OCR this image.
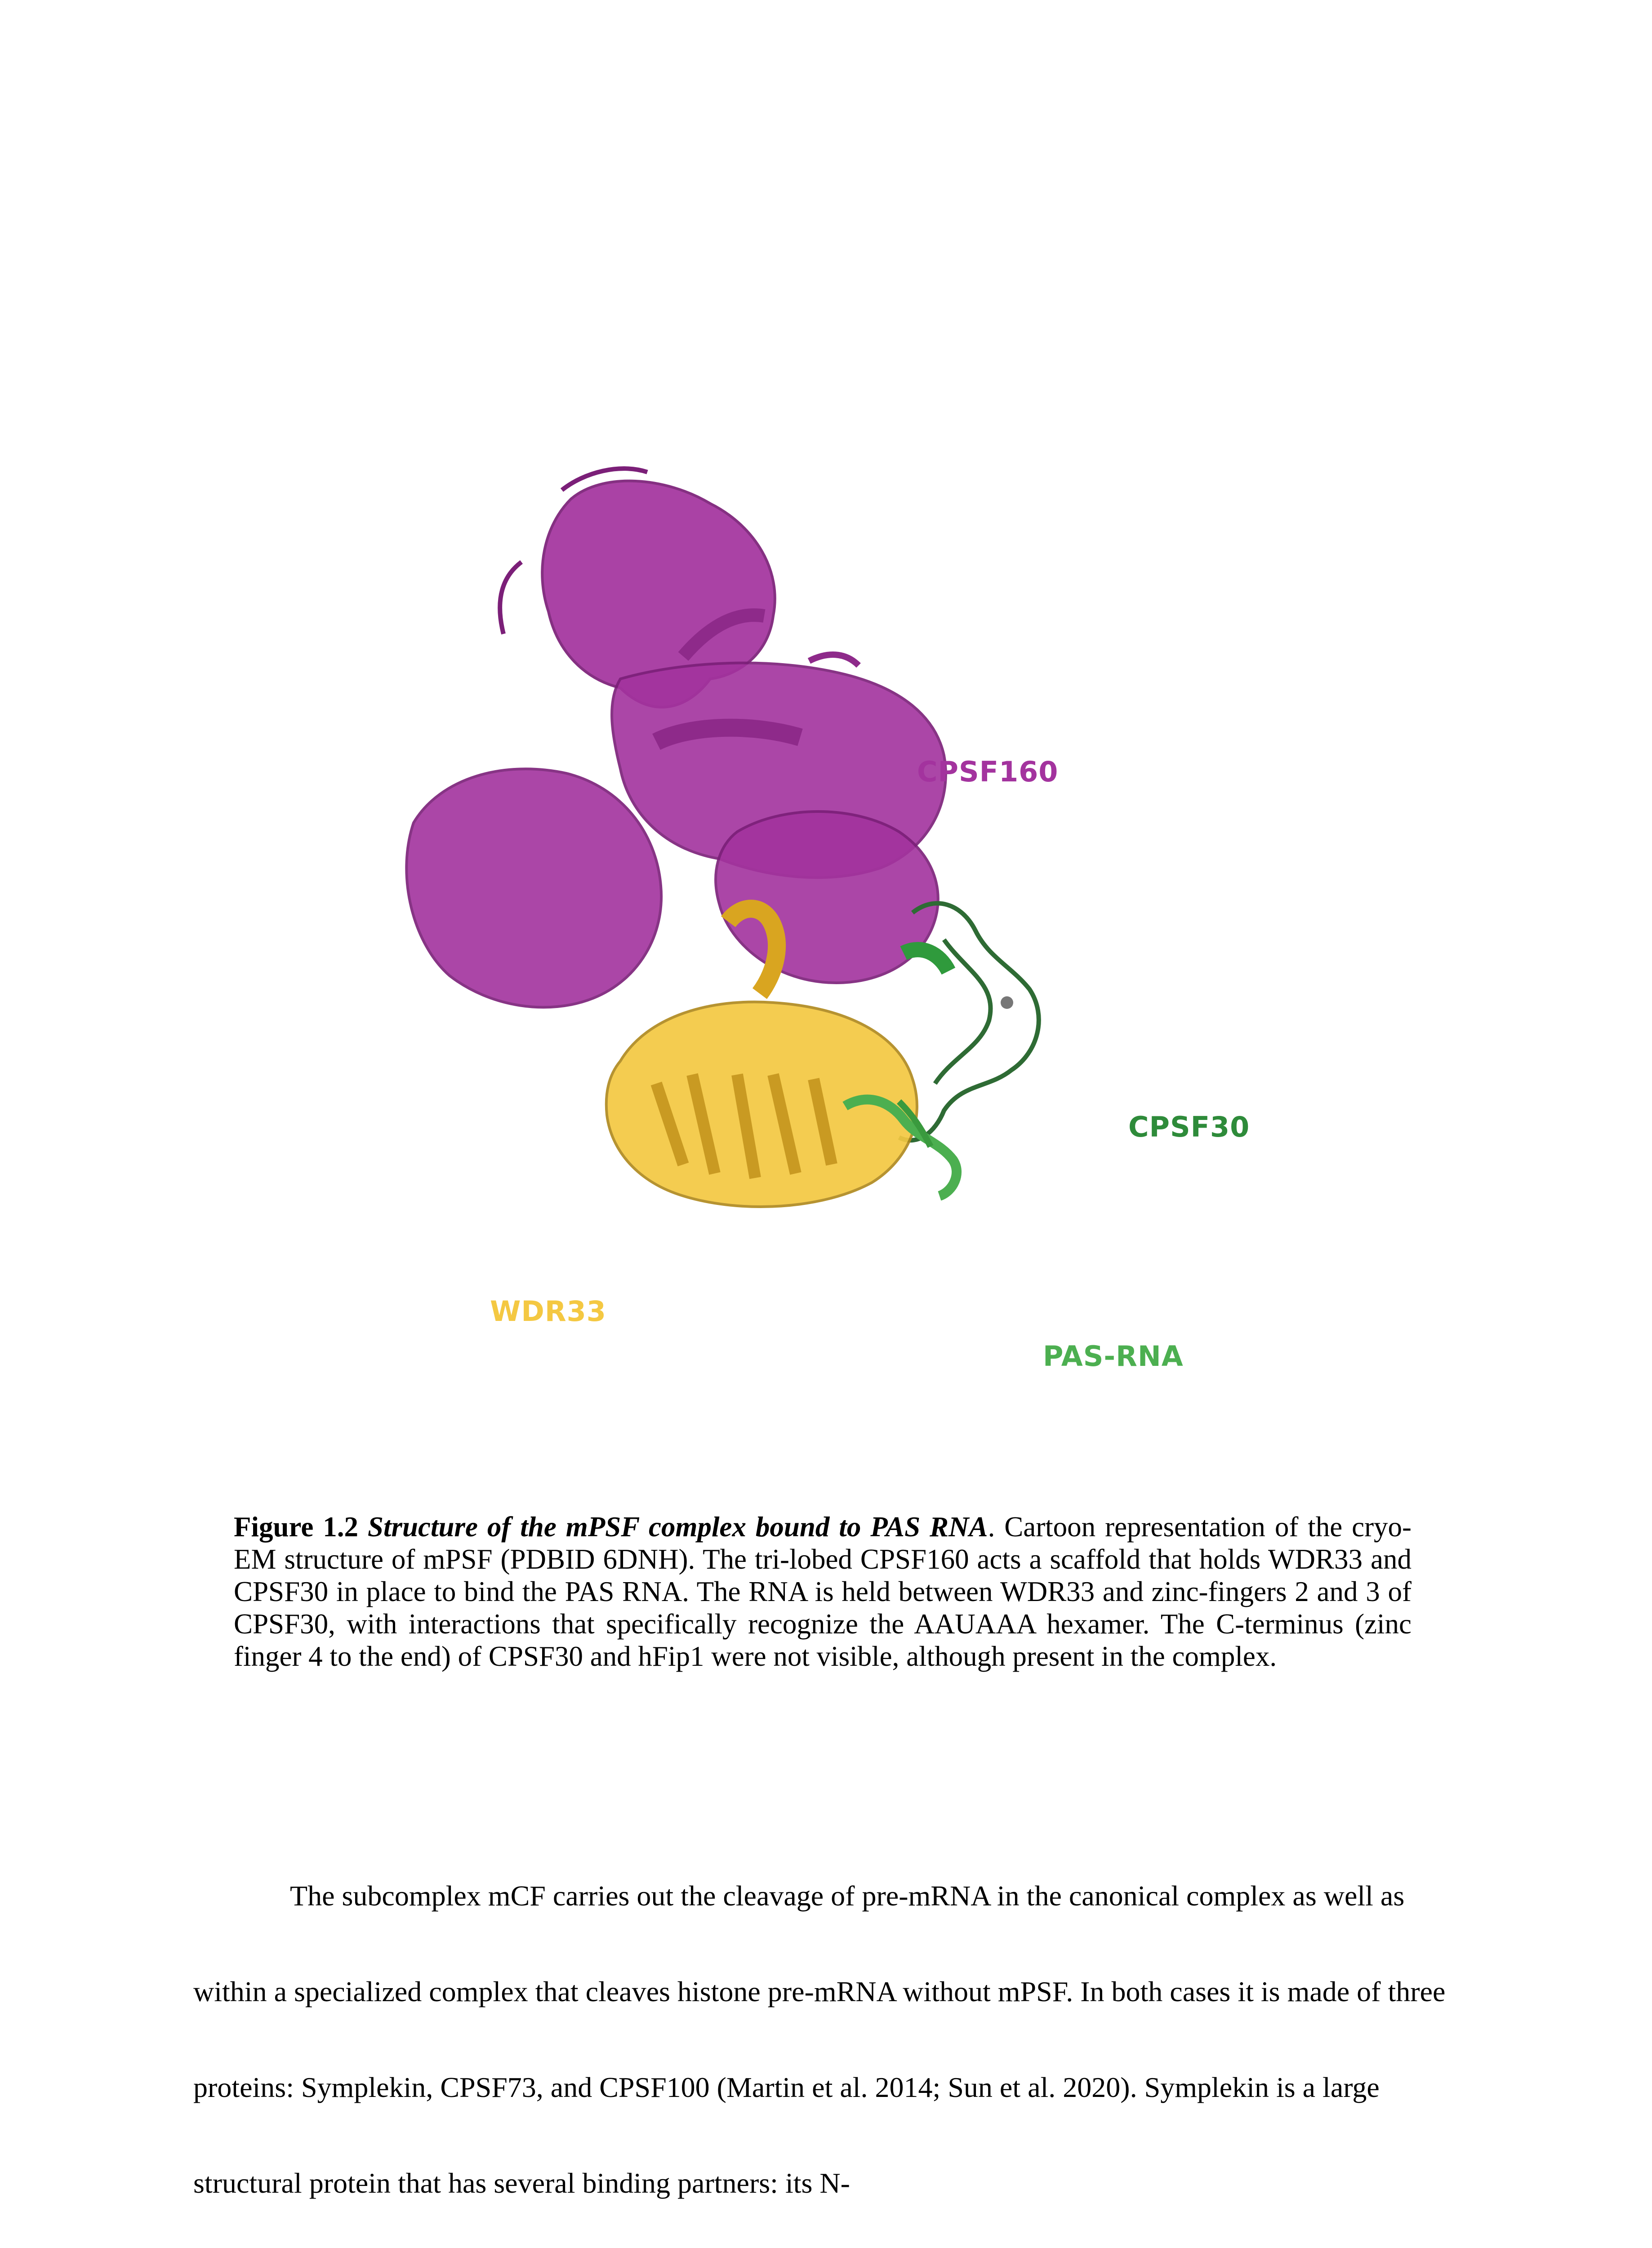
CPSF160
CPSF30
WDR33
PAS-RNA
Figure 1.2 Structure of the mPSF complex bound to PAS RNA. Cartoon representation of the cryo-EM structure of mPSF (PDBID 6DNH). The tri-lobed CPSF160 acts a scaffold that holds WDR33 and CPSF30 in place to bind the PAS RNA. The RNA is held between WDR33 and zinc-fingers 2 and 3 of CPSF30, with interactions that specifically recognize the AAUAAA hexamer. The C-terminus (zinc finger 4 to the end) of CPSF30 and hFip1 were not visible, although present in the complex.

The subcomplex mCF carries out the cleavage of pre-mRNA in the canonical complex as well as within a specialized complex that cleaves histone pre-mRNA without mPSF. In both cases it is made of three proteins: Symplekin, CPSF73, and CPSF100 (Martin et al. 2014; Sun et al. 2020). Symplekin is a large structural protein that has several binding partners: its N-
